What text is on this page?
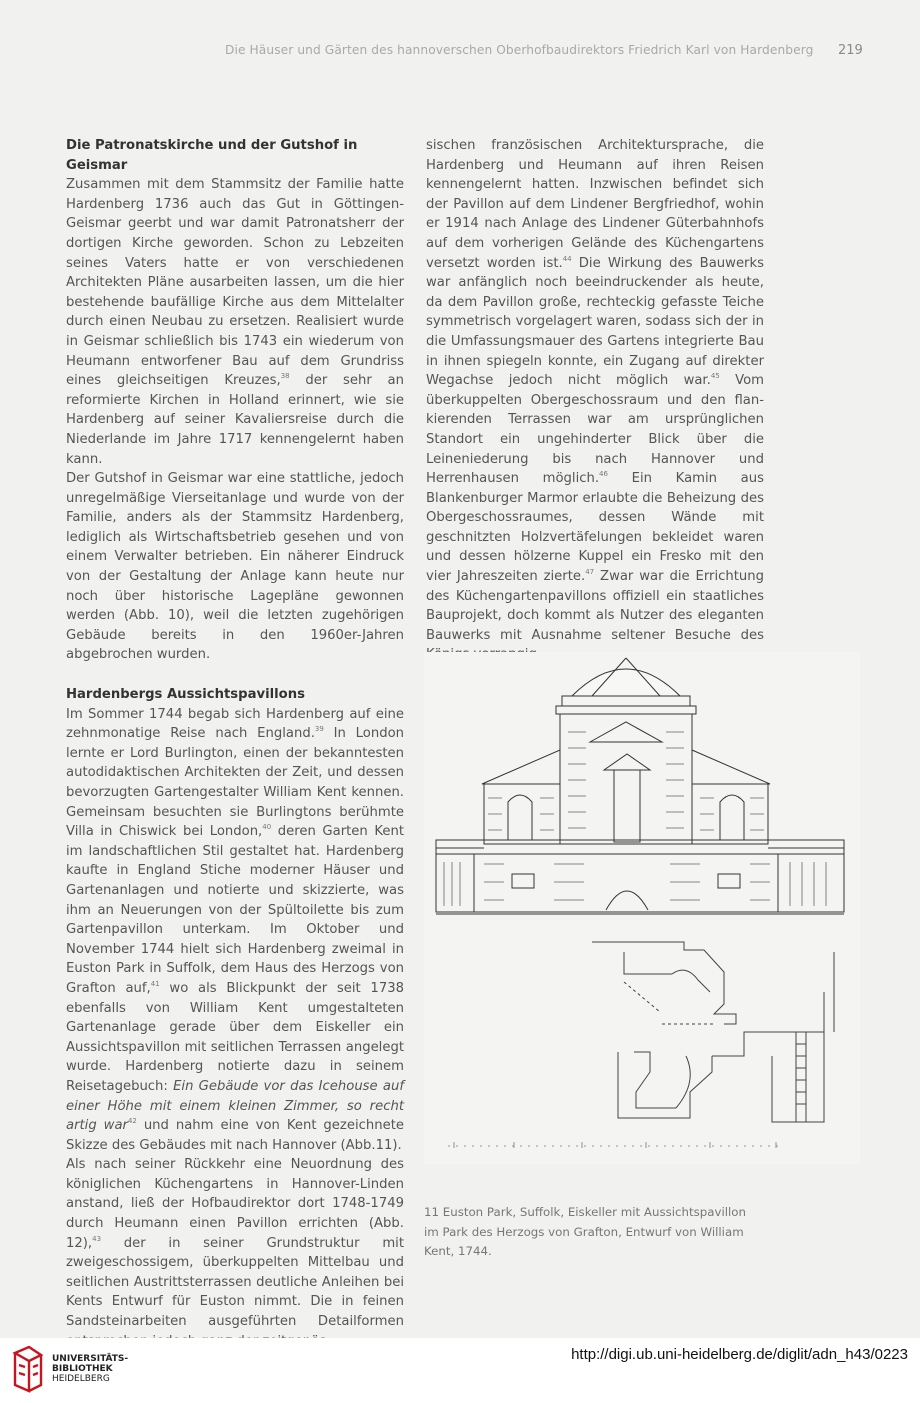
Die Häuser und Gärten des hannoverschen Oberhofbaudirektors Friedrich Karl von Hardenberg 219
Die Patronatskirche und der Gutshof in Geismar

Zusammen mit dem Stammsitz der Familie hatte Hardenberg 1736 auch das Gut in Göttingen-Geismar geerbt und war damit Patronatsherr der dortigen Kirche geworden. Schon zu Lebzeiten seines Vaters hatte er von verschiedenen Architekten Pläne ausarbeiten lassen, um die hier bestehende baufällige Kirche aus dem Mittelalter durch einen Neubau zu ersetzen. Realisiert wurde in Geismar schließlich bis 1743 ein wiederum von Heumann entworfener Bau auf dem Grundriss eines gleichseitigen Kreuzes,$^{38}$ der sehr an reformierte Kirchen in Holland erinnert, wie sie Hardenberg auf seiner Kavaliersreise durch die Niederlande im Jahre 1717 kennengelernt haben kann.

Der Gutshof in Geismar war eine stattliche, jedoch unregelmäßige Vierseitanlage und wurde von der Familie, anders als der Stammsitz Hardenberg, lediglich als Wirtschaftsbetrieb gesehen und von einem Verwalter betrieben. Ein näherer Eindruck von der Gestaltung der Anlage kann heute nur noch über historische Lagepläne gewonnen werden (Abb. 10), weil die letzten zugehörigen Gebäude bereits in den 1960er-Jahren abgebrochen wurden.

Hardenbergs Aussichtspavillons

Im Sommer 1744 begab sich Hardenberg auf eine zehnmonatige Reise nach England.$^{39}$ In London lernte er Lord Burlington, einen der bekanntesten autodidaktischen Architekten der Zeit, und dessen bevorzugten Gartengestalter William Kent kennen. Gemeinsam besuchten sie Burlingtons berühmte Villa in Chiswick bei London,$^{40}$ deren Garten Kent im landschaftlichen Stil gestaltet hat. Hardenberg kaufte in England Stiche moderner Häuser und Gartenanlagen und notierte und skizzierte, was ihm an Neuerungen von der Spültoilette bis zum Gartenpavillon unterkam. Im Oktober und November 1744 hielt sich Hardenberg zweimal in Euston Park in Suffolk, dem Haus des Herzogs von Grafton auf,$^{41}$ wo als Blickpunkt der seit 1738 ebenfalls von William Kent umgestalteten Gartenanlage gerade über dem Eiskeller ein Aussichtspavillon mit seitlichen Terrassen angelegt wurde. Hardenberg notierte dazu in seinem Reisetagebuch: Ein Gebäude vor das Icehouse auf einer Höhe mit einem kleinen Zimmer, so recht artig war$^{42}$ und nahm eine von Kent gezeichnete Skizze des Gebäudes mit nach Hannover (Abb.11).

Als nach seiner Rückkehr eine Neuordnung des königlichen Küchengartens in Hannover-Linden anstand, ließ der Hofbaudirektor dort 1748-1749 durch Heumann einen Pavillon errichten (Abb. 12),$^{43}$ der in seiner Grundstruktur mit zweigeschossigem, überkuppelten Mittelbau und seitlichen Austrittsterrassen deutliche Anleihen bei Kents Entwurf für Euston nimmt. Die in feinen Sandsteinarbeiten ausgeführten Detailformen

sischen französischen Architektursprache, die Hardenberg und Heumann auf ihren Reisen kennengelernt hatten. Inzwischen befindet sich der Pavillon auf dem Lindener Bergfriedhof, wohin er 1914 nach Anlage des Lindener Güterbahnhofs auf dem vorherigen Gelände des Küchengartens versetzt worden ist.$^{44}$ Die Wirkung des Bauwerks war anfänglich noch beeindruckender als heute, da dem Pavillon große, rechteckig gefasste Teiche symmetrisch vorgelagert waren, sodass sich der in die Umfassungsmauer des Gartens integrierte Bau in ihnen spiegeln konnte, ein Zugang auf direkter Wegachse jedoch nicht möglich war.$^{45}$ Vom überkuppelten Obergeschossraum und den flankierenden Terrassen war am ursprünglichen Standort ein ungehinderter Blick über die Leineniederung bis nach Hannover und Herrenhausen möglich.$^{46}$ Ein Kamin aus Blankenburger Marmor erlaubte die Beheizung des Obergeschossraumes, dessen Wände mit geschnitzten Holzvertäfelungen bekleidet waren und dessen hölzerne Kuppel ein Fresko mit den vier Jahreszeiten zierte.$^{47}$ Zwar war die Errichtung des Küchengartenpavillons offiziell ein staatliches Bauprojekt, doch kommt als Nutzer des eleganten Bauwerks mit Ausnahme seltener Besuche des

11 Euston Park, Suffolk, Eiskeller mit Aussichtspavillon im Park des Herzogs von Grafton, Entwurf von William Kent, 1744.
UNIVERSITÄTS-
BIBLIOTHEK
HEIDELBERG
http://digi.ub.uni-heidelberg.de/diglit/adn_h43/0223
